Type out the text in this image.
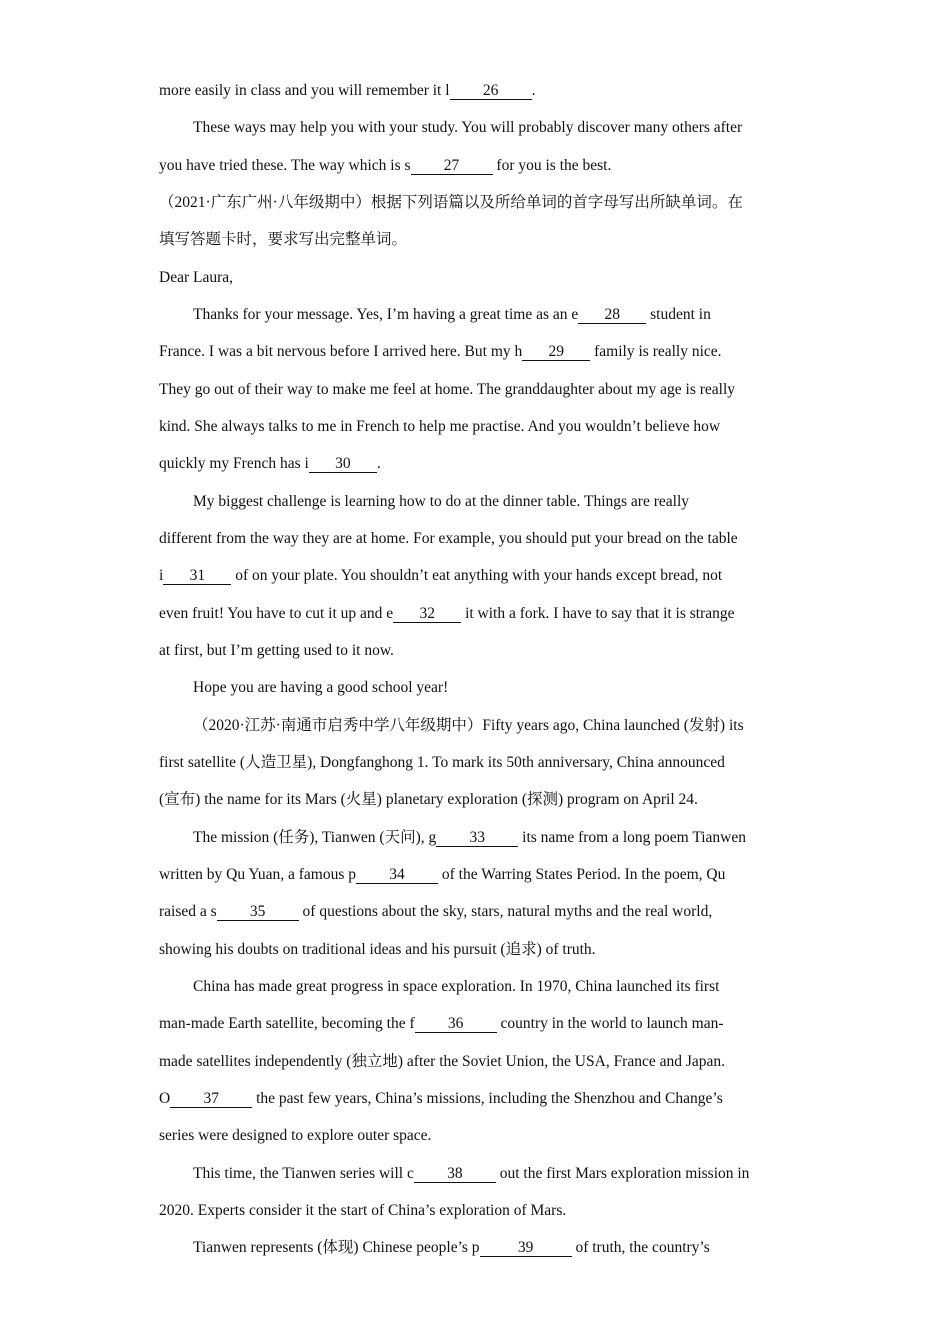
more easily in class and you will remember it l 26 .
These ways may help you with your study. You will probably discover many others after
you have tried these. The way which is s 27 for you is the best.
（2021·广东广州·八年级期中）根据下列语篇以及所给单词的首字母写出所缺单词。在
填写答题卡时，要求写出完整单词。
Dear Laura,
Thanks for your message. Yes, I’m having a great time as an e 28 student in
France. I was a bit nervous before I arrived here. But my h 29 family is really nice.
They go out of their way to make me feel at home. The granddaughter about my age is really
kind. She always talks to me in French to help me practise. And you wouldn’t believe how
quickly my French has i 30 .
My biggest challenge is learning how to do at the dinner table. Things are really
different from the way they are at home. For example, you should put your bread on the table
i 31 of on your plate. You shouldn’t eat anything with your hands except bread, not
even fruit! You have to cut it up and e 32 it with a fork. I have to say that it is strange
at first, but I’m getting used to it now.
Hope you are having a good school year!
（2020·江苏·南通市启秀中学八年级期中）Fifty years ago, China launched (发射) its
first satellite (人造卫星), Dongfanghong 1. To mark its 50th anniversary, China announced
(宣布) the name for its Mars (火星) planetary exploration (探测) program on April 24.
The mission (任务), Tianwen (天问), g 33 its name from a long poem Tianwen
written by Qu Yuan, a famous p 34 of the Warring States Period. In the poem, Qu
raised a s 35 of questions about the sky, stars, natural myths and the real world,
showing his doubts on traditional ideas and his pursuit (追求) of truth.
China has made great progress in space exploration. In 1970, China launched its first
man-made Earth satellite, becoming the f 36 country in the world to launch man-
made satellites independently (独立地) after the Soviet Union, the USA, France and Japan.
O 37 the past few years, China’s missions, including the Shenzhou and Change’s
series were designed to explore outer space.
This time, the Tianwen series will c 38 out the first Mars exploration mission in
2020. Experts consider it the start of China’s exploration of Mars.
Tianwen represents (体现) Chinese people’s p 39 of truth, the country’s
